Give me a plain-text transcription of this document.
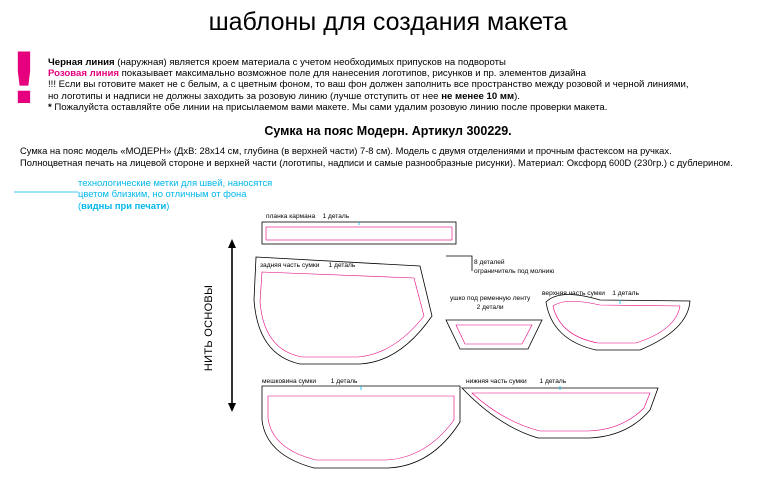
шаблоны для создания макета
! Черная линия (наружная) является кроем материала с учетом необходимых припусков на подвороты
Розовая линия показывает максимально возможное поле для нанесения логотипов, рисунков и пр. элементов дизайна
!!! Если вы готовите макет не с белым, а с цветным фоном, то ваш фон должен заполнить все пространство между розовой и черной линиями,
но логотипы и надписи не должны заходить за розовую линию (лучше отступить от нее не менее 10 мм).
* Пожалуйста оставляйте обе линии на присылаемом вами макете. Мы сами удалим розовую линию после проверки макета.
Сумка на пояс Модерн. Артикул 300229.
Сумка на пояс модель «МОДЕРН» (ДхВ: 28х14 см, глубина (в верхней части) 7-8 см). Модель с двумя отделениями и прочным фастексом на ручках.
Полноцветная печать на лицевой стороне и верхней части (логотипы, надписи и самые разнообразные рисунки). Материал: Оксфорд 600D (230гр.) с дублерином.
технологические метки для швей, наносятся
цветом близким, но отличным от фона
(видны при печати)
планка кармана 1 деталь
задняя часть сумки 1 деталь	8 деталей
ограничитель под молнию
ушко под ременную ленту
2 детали
верхняя часть сумки 1 деталь
мешковина сумки 1 деталь	нижняя часть сумки 1 деталь
НИТЬ ОСНОВЫ
